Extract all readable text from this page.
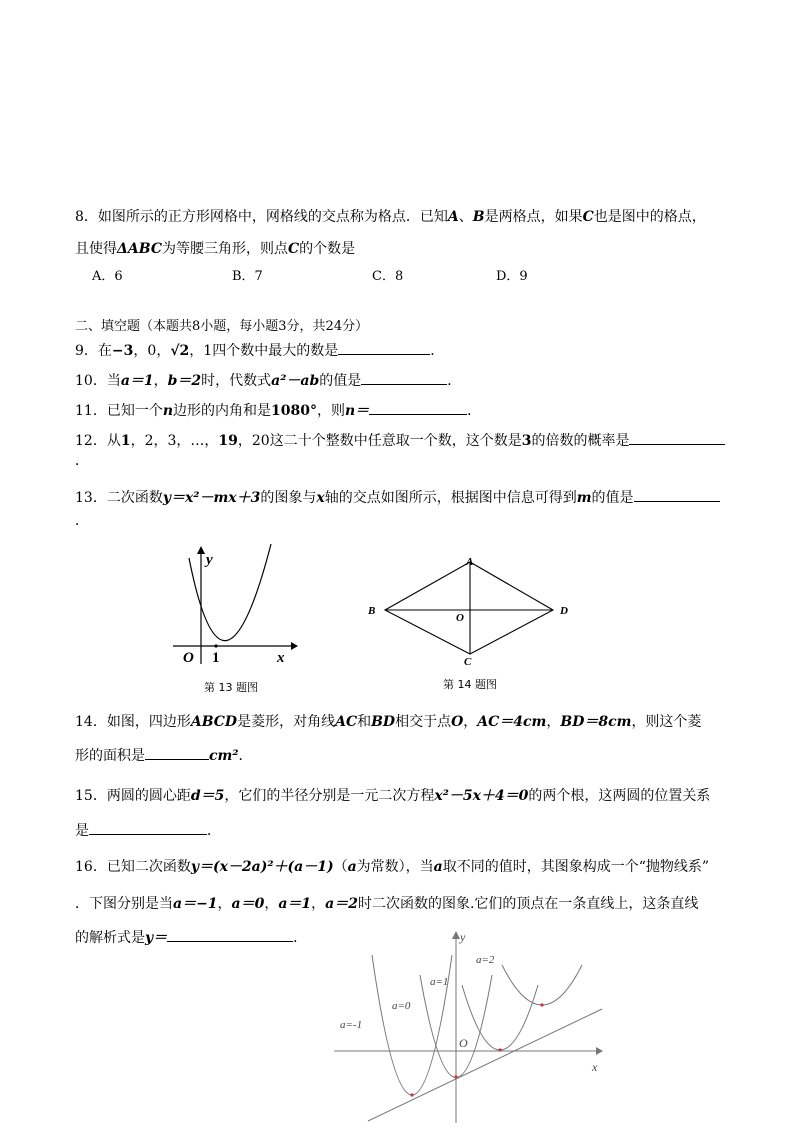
8．如图所示的正方形网格中，网格线的交点称为格点．已知A、B是两格点，如果C也是图中的格点，
且使得ΔABC为等腰三角形，则点C的个数是
A．6	B．7	C．8	D．9
二、填空题（本题共8小题，每小题3分，共24分）
9．在−3，0，√2，1四个数中最大的数是	．
10．当a＝1，b＝2时，代数式a²－ab的值是	．
11．已知一个n边形的内角和是1080°，则n＝	．
12．从1，2，3，…，19，20这二十个整数中任意取一个数，这个数是3的倍数的概率是
．
13．二次函数y＝x²－mx＋3的图象与x轴的交点如图所示，根据图中信息可得到m的值是
．
y
x
O 1
第 13 题图
A
B
C
D
O
第 14 题图
14．如图，四边形ABCD是菱形，对角线AC和BD相交于点O，AC＝4cm，BD＝8cm，则这个菱
形的面积是	cm²．
15．两圆的圆心距d＝5，它们的半径分别是一元二次方程x²－5x＋4＝0的两个根，这两圆的位置关系
是	．
16．已知二次函数y＝(x－2a)²＋(a－1)（a为常数），当a取不同的值时，其图象构成一个“抛物线系”
．下图分别是当a＝−1，a＝0，a＝1，a＝2时二次函数的图象.它们的顶点在一条直线上，这条直线
的解析式是y＝	．	y
x
O
a=-1
a=0
a=1
a=2
